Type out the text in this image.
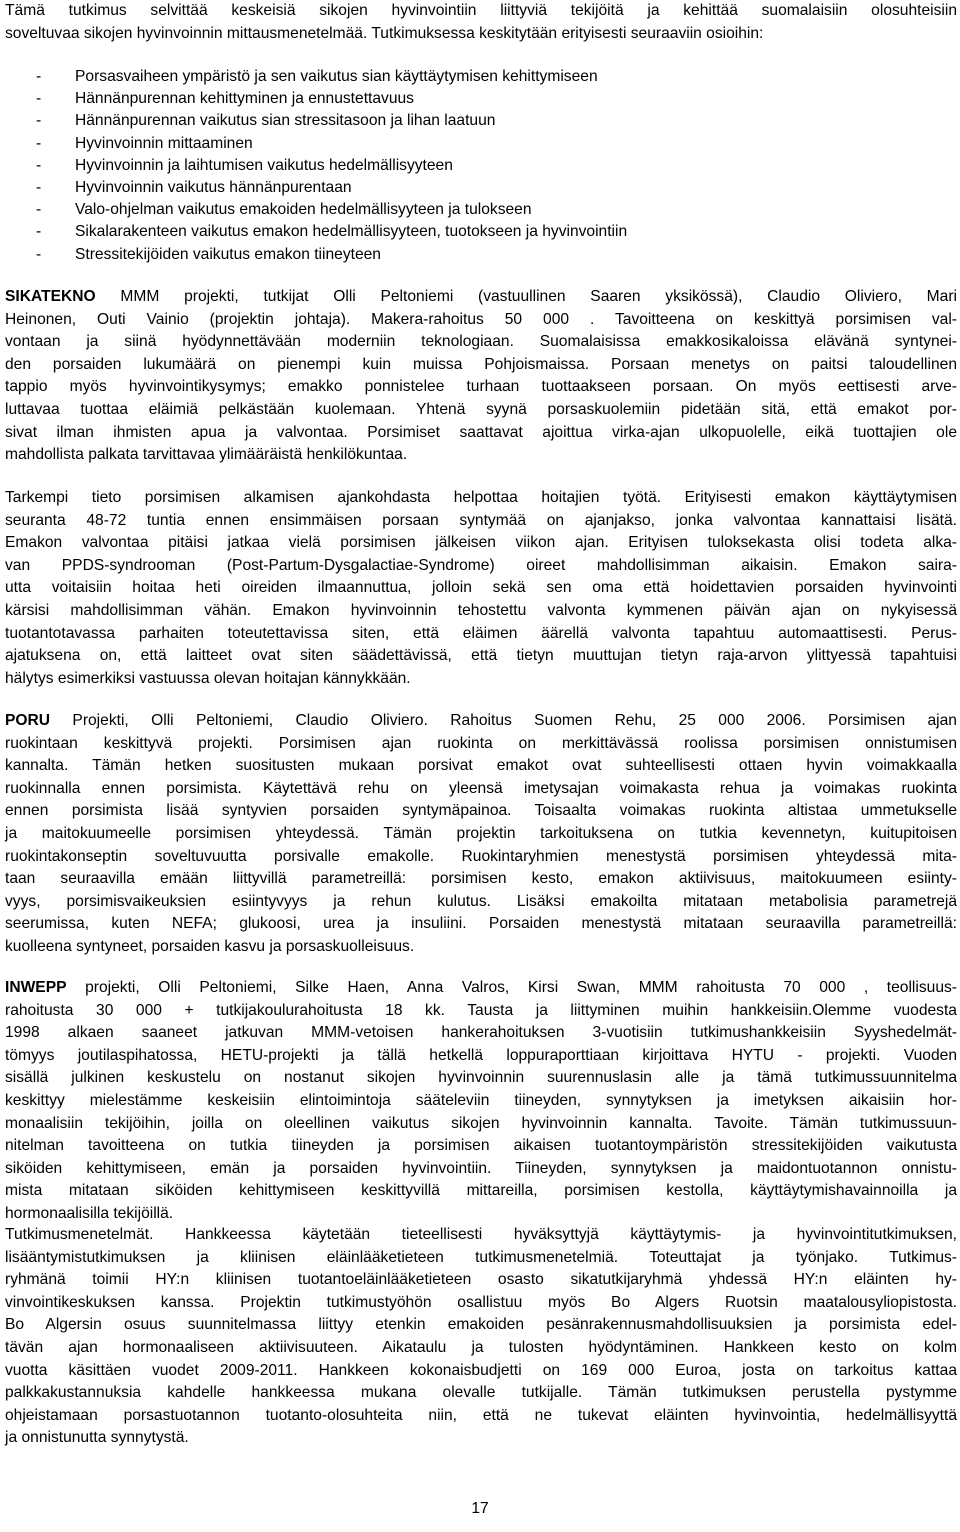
Tämä tutkimus selvittää keskeisiä sikojen hyvinvointiin liittyviä tekijöitä ja kehittää suomalaisiin olosuhteisiin
soveltuvaa sikojen hyvinvoinnin mittausmenetelmää. Tutkimuksessa keskitytään erityisesti seuraaviin osioihin:
-	Porsasvaiheen ympäristö ja sen vaikutus sian käyttäytymisen kehittymiseen
-	Hännänpurennan kehittyminen ja ennustettavuus
-	Hännänpurennan vaikutus sian stressitasoon ja lihan laatuun
-	Hyvinvoinnin mittaaminen
-	Hyvinvoinnin ja laihtumisen vaikutus hedelmällisyyteen
-	Hyvinvoinnin vaikutus hännänpurentaan
-	Valo-ohjelman vaikutus emakoiden hedelmällisyyteen ja tulokseen
-	Sikalarakenteen vaikutus emakon hedelmällisyyteen, tuotokseen ja hyvinvointiin
-	Stressitekijöiden vaikutus emakon tiineyteen
SIKATEKNO MMM projekti, tutkijat Olli Peltoniemi (vastuullinen Saaren yksikössä), Claudio Oliviero, Mari
Heinonen, Outi Vainio (projektin johtaja). Makera-rahoitus 50 000 . Tavoitteena on keskittyä porsimisen val-
vontaan ja siinä hyödynnettävään moderniin teknologiaan. Suomalaisissa emakkosikaloissa elävänä syntynei-
den porsaiden lukumäärä on pienempi kuin muissa Pohjoismaissa. Porsaan menetys on paitsi taloudellinen
tappio myös hyvinvointikysymys; emakko ponnistelee turhaan tuottaakseen porsaan. On myös eettisesti arve-
luttavaa tuottaa eläimiä pelkästään kuolemaan. Yhtenä syynä porsaskuolemiin pidetään sitä, että emakot por-
sivat ilman ihmisten apua ja valvontaa. Porsimiset saattavat ajoittua virka-ajan ulkopuolelle, eikä tuottajien ole
mahdollista palkata tarvittavaa ylimääräistä henkilökuntaa.
Tarkempi tieto porsimisen alkamisen ajankohdasta helpottaa hoitajien työtä. Erityisesti emakon käyttäytymisen
seuranta 48-72 tuntia ennen ensimmäisen porsaan syntymää on ajanjakso, jonka valvontaa kannattaisi lisätä.
Emakon valvontaa pitäisi jatkaa vielä porsimisen jälkeisen viikon ajan. Erityisen tuloksekasta olisi todeta alka-
van PPDS-syndrooman (Post-Partum-Dysgalactiae-Syndrome) oireet mahdollisimman aikaisin. Emakon saira-
utta voitaisiin hoitaa heti oireiden ilmaannuttua, jolloin sekä sen oma että hoidettavien porsaiden hyvinvointi
kärsisi mahdollisimman vähän. Emakon hyvinvoinnin tehostettu valvonta kymmenen päivän ajan on nykyisessä
tuotantotavassa parhaiten toteutettavissa siten, että eläimen äärellä valvonta tapahtuu automaattisesti. Perus-
ajatuksena on, että laitteet ovat siten säädettävissä, että tietyn muuttujan tietyn raja-arvon ylittyessä tapahtuisi
hälytys esimerkiksi vastuussa olevan hoitajan kännykkään.
PORU Projekti, Olli Peltoniemi, Claudio Oliviero. Rahoitus Suomen Rehu, 25 000 2006. Porsimisen ajan
ruokintaan keskittyvä projekti. Porsimisen ajan ruokinta on merkittävässä roolissa porsimisen onnistumisen
kannalta. Tämän hetken suositusten mukaan porsivat emakot ovat suhteellisesti ottaen hyvin voimakkaalla
ruokinnalla ennen porsimista. Käytettävä rehu on yleensä imetysajan voimakasta rehua ja voimakas ruokinta
ennen porsimista lisää syntyvien porsaiden syntymäpainoa. Toisaalta voimakas ruokinta altistaa ummetukselle
ja maitokuumeelle porsimisen yhteydessä. Tämän projektin tarkoituksena on tutkia kevennetyn, kuitupitoisen
ruokintakonseptin soveltuvuutta porsivalle emakolle. Ruokintaryhmien menestystä porsimisen yhteydessä mita-
taan seuraavilla emään liittyvillä parametreillä: porsimisen kesto, emakon aktiivisuus, maitokuumeen esiinty-
vyys, porsimisvaikeuksien esiintyvyys ja rehun kulutus. Lisäksi emakoilta mitataan metabolisia parametrejä
seerumissa, kuten NEFA; glukoosi, urea ja insuliini. Porsaiden menestystä mitataan seuraavilla parametreillä:
kuolleena syntyneet, porsaiden kasvu ja porsaskuolleisuus.
INWEPP projekti, Olli Peltoniemi, Silke Haen, Anna Valros, Kirsi Swan, MMM rahoitusta 70 000 , teollisuus-
rahoitusta 30 000 + tutkijakoulurahoitusta 18 kk. Tausta ja liittyminen muihin hankkeisiin.Olemme vuodesta
1998 alkaen saaneet jatkuvan MMM-vetoisen hankerahoituksen 3-vuotisiin tutkimushankkeisiin Syyshedelmät-
tömyys joutilaspihatossa, HETU-projekti ja tällä hetkellä loppuraporttiaan kirjoittava HYTU - projekti. Vuoden
sisällä julkinen keskustelu on nostanut sikojen hyvinvoinnin suurennuslasin alle ja tämä tutkimussuunnitelma
keskittyy mielestämme keskeisiin elintoimintoja sääteleviin tiineyden, synnytyksen ja imetyksen aikaisiin hor-
monaalisiin tekijöihin, joilla on oleellinen vaikutus sikojen hyvinvoinnin kannalta. Tavoite. Tämän tutkimussuun-
nitelman tavoitteena on tutkia tiineyden ja porsimisen aikaisen tuotantoympäristön stressitekijöiden vaikutusta
siköiden kehittymiseen, emän ja porsaiden hyvinvointiin. Tiineyden, synnytyksen ja maidontuotannon onnistu-
mista mitataan siköiden kehittymiseen keskittyvillä mittareilla, porsimisen kestolla, käyttäytymishavainnoilla ja
hormonaalisilla tekijöillä.
Tutkimusmenetelmät. Hankkeessa käytetään tieteellisesti hyväksyttyjä käyttäytymis- ja hyvinvointitutkimuksen,
lisääntymistutkimuksen ja kliinisen eläinlääketieteen tutkimusmenetelmiä. Toteuttajat ja työnjako. Tutkimus-
ryhmänä toimii HY:n kliinisen tuotantoeläinlääketieteen osasto sikatutkijaryhmä yhdessä HY:n eläinten hy-
vinvointikeskuksen kanssa. Projektin tutkimustyöhön osallistuu myös Bo Algers Ruotsin maatalousyliopistosta.
Bo Algersin osuus suunnitelmassa liittyy etenkin emakoiden pesänrakennusmahdollisuuksien ja porsimista edel-
tävän ajan hormonaaliseen aktiivisuuteen. Aikataulu ja tulosten hyödyntäminen. Hankkeen kesto on kolm
vuotta käsittäen vuodet 2009-2011. Hankkeen kokonaisbudjetti on 169 000 Euroa, josta on tarkoitus kattaa
palkkakustannuksia kahdelle hankkeessa mukana olevalle tutkijalle. Tämän tutkimuksen perustella pystymme
ohjeistamaan porsastuotannon tuotanto-olosuhteita niin, että ne tukevat eläinten hyvinvointia, hedelmällisyyttä
ja onnistunutta synnytystä.
17
